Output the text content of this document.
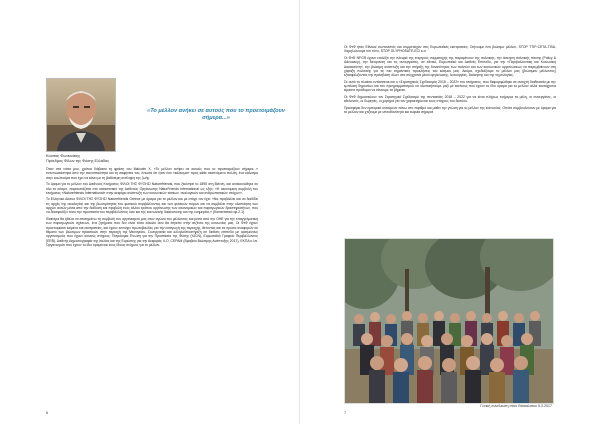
«Το μέλλον ανήκει σε αυτούς που το προετοιμάζουν σήμερα...»
Κώστας Φωτεινάκης
Πρόεδρος Φίλων της Φύσης Ελλάδας

Όταν στα νιάτα μου, χρόνια διάβασα τη φράση του Malcolm X. «Το μέλλον ανήκει σε αυτούς που το προετοιμάζουν σήμερα...» εντυπωσιάστηκα από την πανοπτικότητα και τη σαφήνεια του, ένιωσα ότι ήταν ένα «κάλεσμα» προς κάθε σκεπτόμενο πολίτη, ένα κάλεσμα στην κουλτούρα που έχει να κάνει με τη βαθύτερη αντίληψη της ζωής.

Το όραμα για το μέλλον του Διεθνούς Κινήματος ΦΙΛΟΙ ΤΗΣ ΦΥΣΗΣ/ Naturefriends, που ξεκίνησε το 1895 στη Βιέννη, και ανακοινώθηκε σε όλα το κόσμο, παρουσιάζεται στο καταστατικό της Διεθνούς Οργάνωσης NaturFriends International ως εξής: «Η οικονομική συμβολή του κινήματος «Naturefriends International» στην αειφόρο ανάπτυξη των κοινωνικών τάσεων, αναλογικών και ανθρωπιστικών στόχων».

Το Ελληνικό Δίκτυο ΦΙΛΟΙ ΤΗΣ ΦΥΣΗΣ/ Naturefriends Greece με όραμα για το μέλλον και με στόχο τον έχει: «Να προβάλλει και να διαδίδει τις αρχές της οικολογίας και της βιωσιμότητας του φυσικού περιβάλλοντος και των φυσικών πόρων και να συμβάλει στην υλοποίηση των αρχών αυτών μέσα από την διάδοση και προβολή ενός άλλου τρόπου οργάνωσης των οικονομικών και παραγωγικών δραστηριοτήτων, που να διασφαλίζει τόσο την προστασία του περιβάλλοντος όσο και της κοινωνικής δικαιοσύνης και της ευημερίας.» (Καταστατικό αρ.2.1).

Ιδιαίτερα θα ήθελα να επισημάνω τη συμβολή του οργανισμού μας στον αγώνα του μέλλοντος και μέσα από την ΟΗΕ για την επαγγελματική των παραγωγικών σχέσεων, ένα ζητήματα που δεν είναι τόσο εύκολο όσο θα έπρεπε στην ατζέντα της κοινωνίας μας. Οι ΦτΦ έχουν προετοιμάσει κείμενα και εκστρατείες, και έχουν επιτύχει πρωτοβουλίες για την εισαγωγή της περιοχής, θέτοντας και τα πρώτα αναφορών σε θέματα των βιώσιμων πρακτικών στην περιοχή της Μεσογείου. Συνεργασία και αλληλοϋποστήριξη σε διεθνές επίπεδο με ορισμένους οργανισμούς που έχουν κοινούς στόχους: Παγκόσμια Ένωση για την Προστασία της Φύσης (IUCN), Ευρωπαϊκό Γραφείο Περιβάλλοντος (EEB), Διεθνής Δημοσιογραφία της Ιταλίας και της Ευρώπης για την Αειφορία, ILO, CEPAM (Βραβείο Βιώσιμης Ανάπτυξης 2017), ΕΚΠΑ κ.λπ. Οργανισμών που έχουν το ίδιο όραμα και τους ίδιους στόχους για το μέλλον.

6

Οι ΦτΦ ήταν Εθνικοί συντονιστές και συμμετείχαν στις Ευρωπαϊκές εκστρατείες: Στήνουμε ένα βιώσιμο μέλλον, STOP TTIP-CETA-TISA, Χαμηλώνουμε τον τόνο, STOP GLYPHOSATE-ECI κ.α.

Οι ΦτΦ NFGR έχουν επιλέξει την πλευρά της ενεργούς συμμετοχής της παραμένουν της πολιτικής, την άσκηση πολιτικής πίεσης (Policy & Advocacy), την διεύρυνση και τις συνεργασίες, σε εθνικό, Ευρωπαϊκό και Διεθνές Επίπεδο, για την «Περιβαλλοντική και Κοινωνική Δικαιοσύνη», την βιώσιμη ανάπτυξη και την στήριξη της δυνατότητας των πολιτών και των κοινωνικών οργανώσεων να παρεμβαίνουν στη χάραξη πολιτικής για τις πιο σημαντικές προκλήσεις του κόσμου μας. Ακόμα, σχεδιάζουμε το μέλλον μας (βιώσιμου μέλλοντος) εξασφαλίζοντας την πρόσβαση όλων στα σύγχρονα μέσα οργάνωσης, λειτουργίας, διοίκησης και της τεχνολογίας.

Σε αυτό το πλαίσιο εντάσσεται και ο «Στρατηγικός Σχεδιασμός 2018 – 2022» του κινήματος, που διαμορφώθηκε σε ανοιχτή διαδικασία με την εμπλοκή δημοσίων και του προγραμματισμού να υλοποιήσουμε μαζί με εκείνους που έχουν το ίδιο όραμα για το μέλλον αλλά ταυτόχρονα είμαστε πρόθυμοι να κάνουμε τα βήματα.

Οι ΦτΦ δημοσιεύουν τον Στρατηγικό Σχεδιασμό της πενταετίας 2018 – 2022 για να είναι πλήρως ενήμεροι τα μέλη, οι συνεργάτες, οι εθελοντές, οι δωρητές, οι χορηγοί για τον χαρακτήρα και τους στόχους του δικτύου.

Προσφέρει δεν εμπορικό κινούμενο πάνω στο πορθμό και μάθει την γνώση για το μέλλον της κοινωνίας. Οπότε συμβουλεύουν με όραμα για το μέλλον και χτίζουμε με υπευθυνότητα και ευφυία σήμερα!

Γενική συνέλευση στου Θιάσαλιπου 5.3.2017
7
